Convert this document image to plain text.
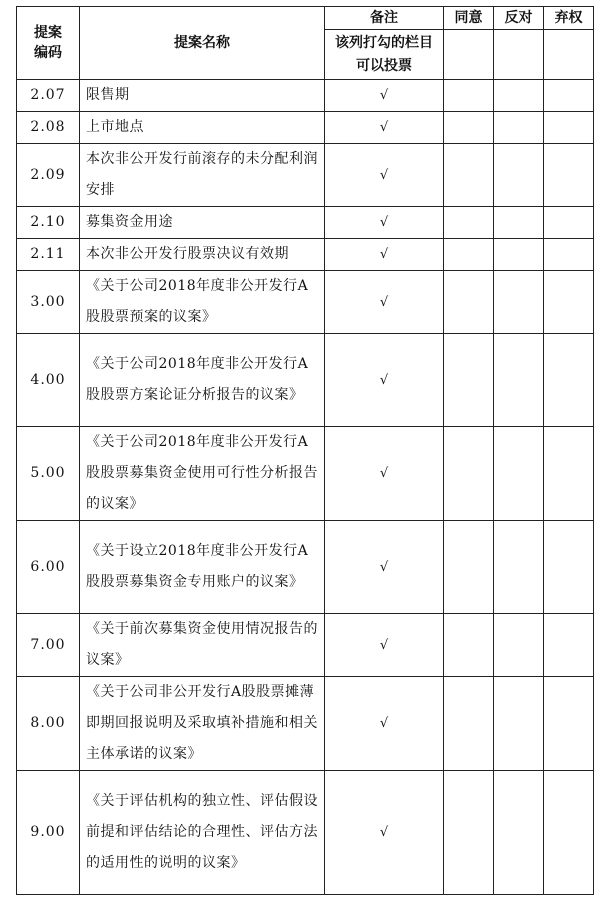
提案编码	提案名称	备注	同意	反对	弃权
		该列打勾的栏目可以投票			
2.07	限售期	√			
2.08	上市地点	√			
2.09	本次非公开发行前滚存的未分配利润安排	√			
2.10	募集资金用途	√			
2.11	本次非公开发行股票决议有效期	√			
3.00	《关于公司2018年度非公开发行A股股票预案的议案》	√			
4.00	《关于公司2018年度非公开发行A股股票方案论证分析报告的议案》	√			
5.00	《关于公司2018年度非公开发行A股股票募集资金使用可行性分析报告的议案》	√			
6.00	《关于设立2018年度非公开发行A股股票募集资金专用账户的议案》	√			
7.00	《关于前次募集资金使用情况报告的议案》	√			
8.00	《关于公司非公开发行A股股票摊薄即期回报说明及采取填补措施和相关主体承诺的议案》	√			
9.00	《关于评估机构的独立性、评估假设前提和评估结论的合理性、评估方法的适用性的说明的议案》	√			
